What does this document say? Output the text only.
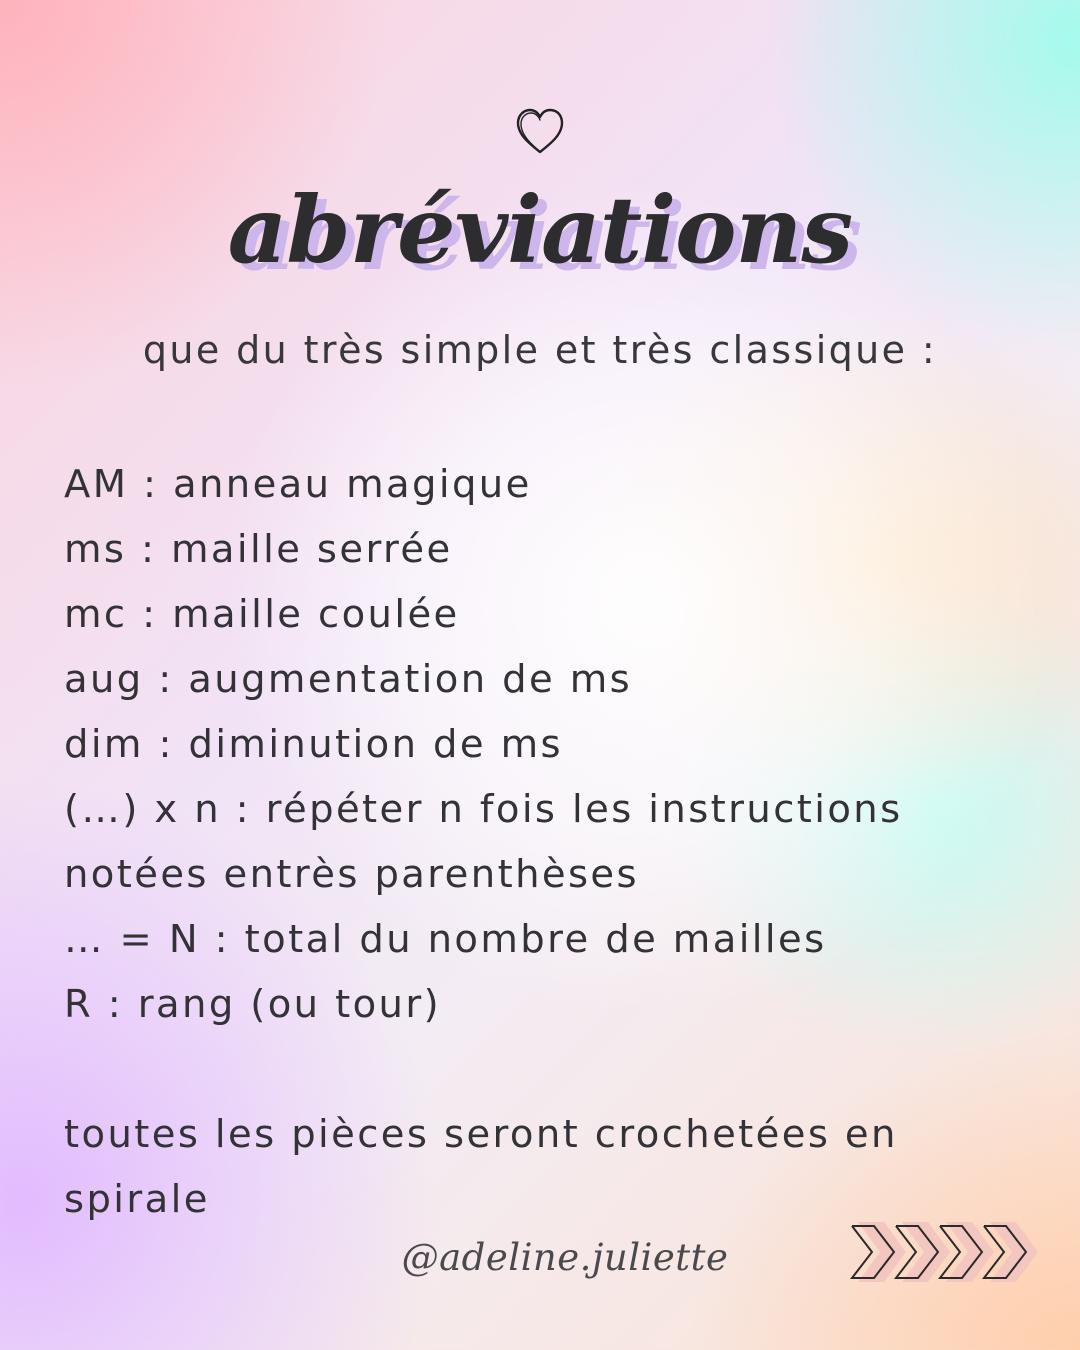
abréviations
que du très simple et très classique :
AM : anneau magique
ms : maille serrée
mc : maille coulée
aug : augmentation de ms
dim : diminution de ms
(…) x n : répéter n fois les instructions
notées entrès parenthèses
… = N : total du nombre de mailles
R : rang (ou tour)
toutes les pièces seront crochetées en spirale
@adeline.juliette
